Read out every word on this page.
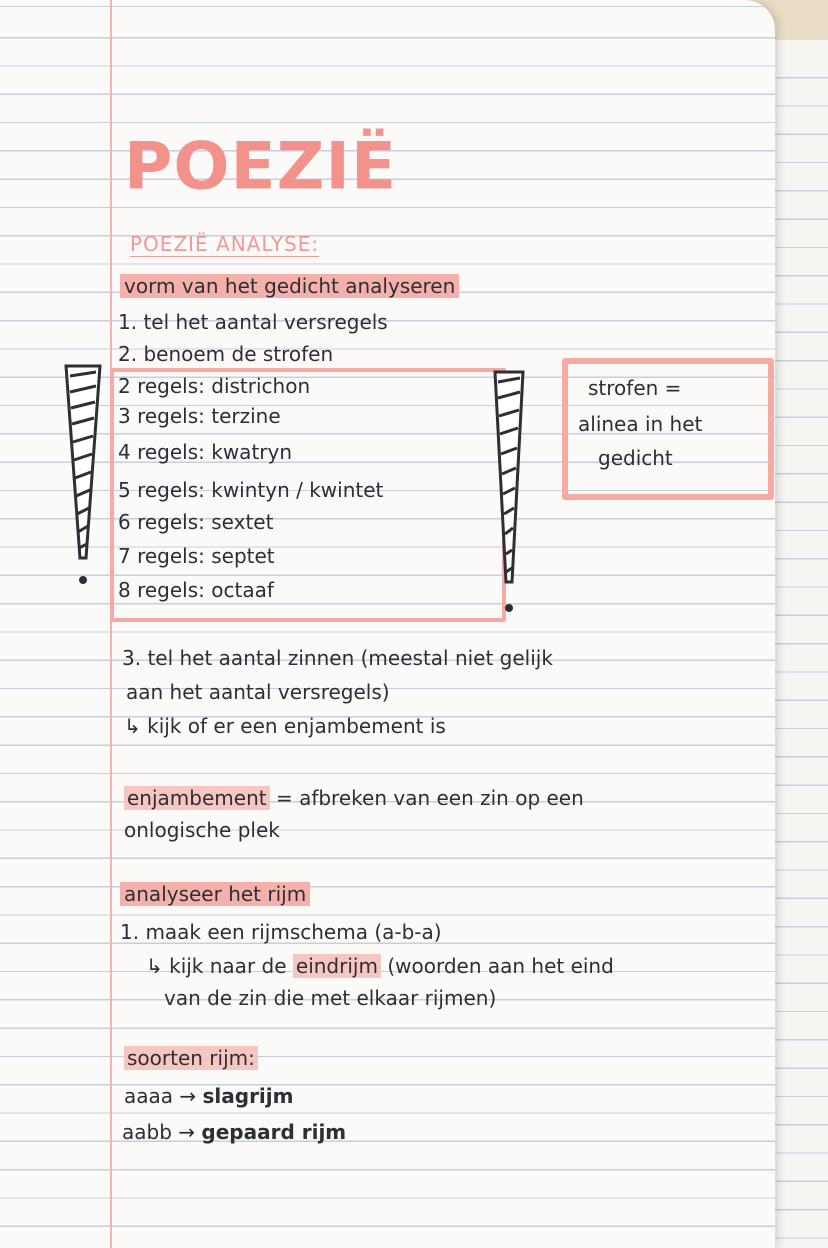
POEZIË
POEZIË ANALYSE:
vorm van het gedicht analyseren
1. tel het aantal versregels
2. benoem de strofen
2 regels: districhon
3 regels: terzine
4 regels: kwatryn
5 regels: kwintyn / kwintet
6 regels: sextet
7 regels: septet
8 regels: octaaf
strofen =
alinea in het
gedicht
3. tel het aantal zinnen (meestal niet gelijk
aan het aantal versregels)
↳ kijk of er een enjambement is
enjambement = afbreken van een zin op een
onlogische plek
analyseer het rijm
1. maak een rijmschema (a-b-a)
↳ kijk naar de eindrijm (woorden aan het eind
van de zin die met elkaar rijmen)
soorten rijm:
aaaa → slagrijm
aabb → gepaard rijm
